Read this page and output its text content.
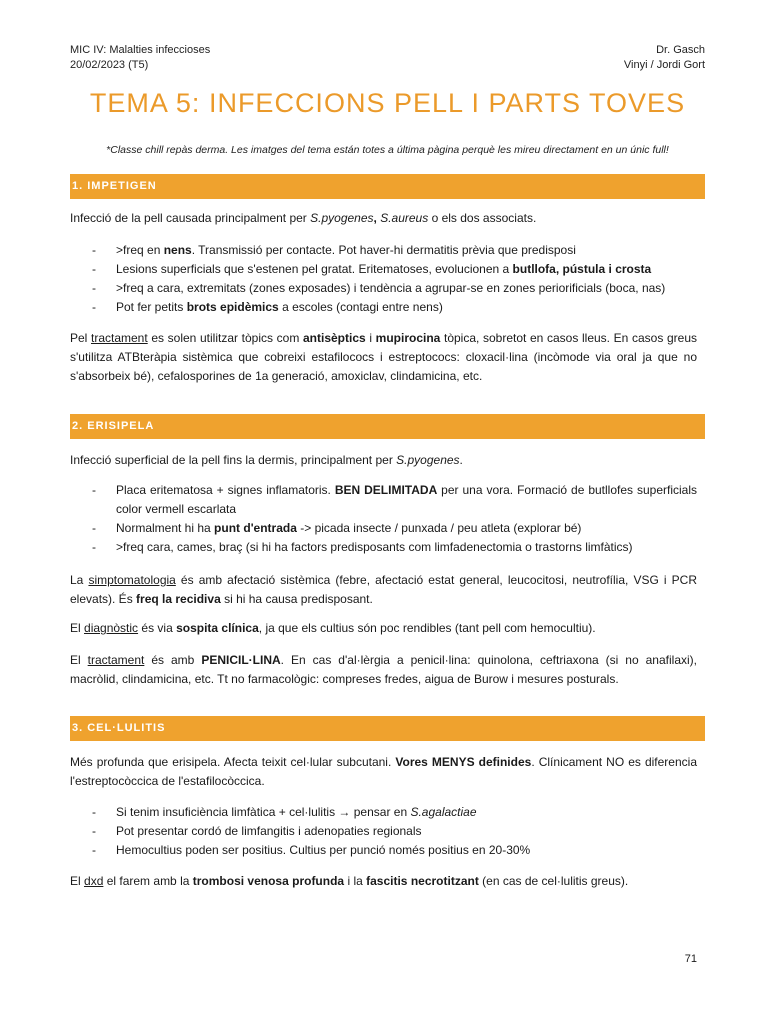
MIC IV: Malalties infeccioses
20/02/2023 (T5)
Dr. Gasch
Vinyi / Jordi Gort
TEMA 5: INFECCIONS PELL I PARTS TOVES
*Classe chill repàs derma. Les imatges del tema están totes a última pàgina perquè les mireu directament en un únic full!
1. IMPETIGEN
Infecció de la pell causada principalment per S.pyogenes, S.aureus o els dos associats.
- >freq en nens. Transmissió per contacte. Pot haver-hi dermatitis prèvia que predisposi
- Lesions superficials que s'estenen pel gratat. Eritematoses, evolucionen a butllofa, pústula i crosta
- >freq a cara, extremitats (zones exposades) i tendència a agrupar-se en zones periorificials (boca, nas)
- Pot fer petits brots epidèmics a escoles (contagi entre nens)
Pel tractament es solen utilitzar tòpics com antisèptics i mupirocina tòpica, sobretot en casos lleus. En casos greus s'utilitza ATBteràpia sistèmica que cobreixi estafilococs i estreptococs: cloxacil·lina (incòmode via oral ja que no s'absorbeix bé), cefalosporines de 1a generació, amoxiclav, clindamicina, etc.
2. ERISIPELA
Infecció superficial de la pell fins la dermis, principalment per S.pyogenes.
- Placa eritematosa + signes inflamatoris. BEN DELIMITADA per una vora. Formació de butllofes superficials color vermell escarlata
- Normalment hi ha punt d'entrada -> picada insecte / punxada / peu atleta (explorar bé)
- >freq cara, cames, braç (si hi ha factors predisposants com limfadenectomia o trastorns limfàtics)
La simptomatologia és amb afectació sistèmica (febre, afectació estat general, leucocitosi, neutrofília, VSG i PCR elevats). És freq la recidiva si hi ha causa predisposant.
El diagnòstic és via sospita clínica, ja que els cultius són poc rendibles (tant pell com hemocultiu).
El tractament és amb PENICIL·LINA. En cas d'al·lèrgia a penicil·lina: quinolona, ceftriaxona (si no anafilaxi), macròlid, clindamicina, etc. Tt no farmacològic: compreses fredes, aigua de Burow i mesures posturals.
3. CEL·LULITIS
Més profunda que erisipela. Afecta teixit cel·lular subcutani. Vores MENYS definides. Clínicament NO es diferencia l'estreptocòccica de l'estafilocòccica.
- Si tenim insuficiència limfàtica + cel·lulitis → pensar en S.agalactiae
- Pot presentar cordó de limfangitis i adenopaties regionals
- Hemocultius poden ser positius. Cultius per punció només positius en 20-30%
El dxd el farem amb la trombosi venosa profunda i la fascitis necrotitzant (en cas de cel·lulitis greus).
71
